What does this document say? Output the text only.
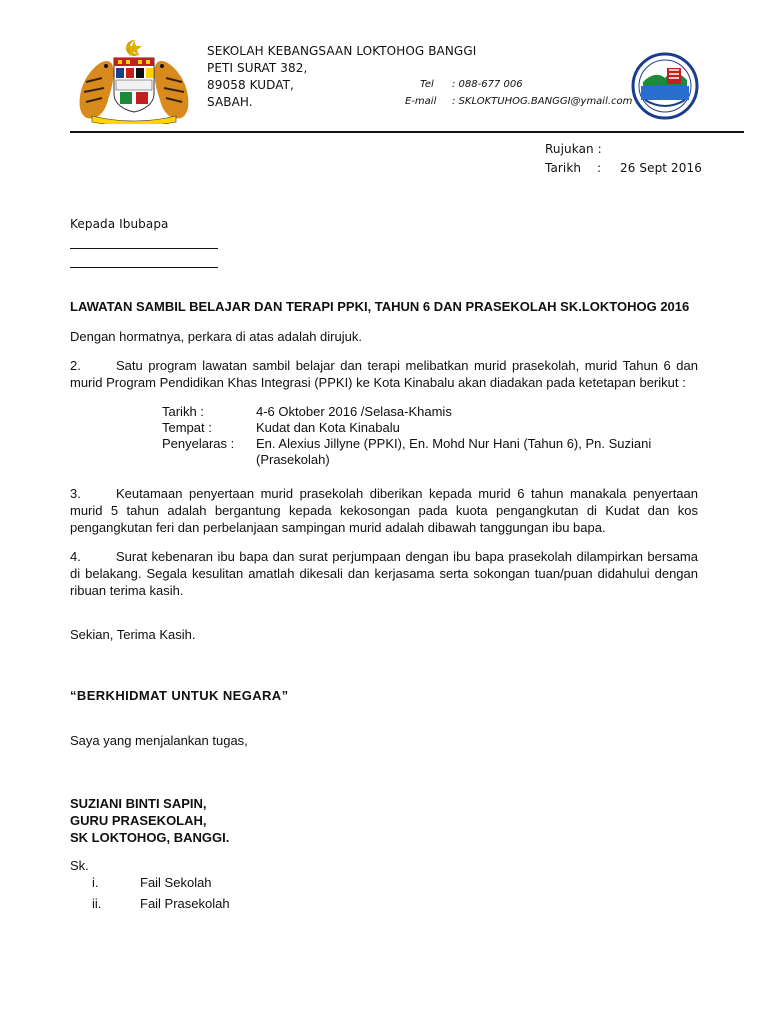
SEKOLAH KEBANGSAAN LOKTOHOG BANGGI
PETI SURAT 382,
89058 KUDAT,
SABAH.
Tel : 088-677 006
E-mail : SKLOKTUHOG.BANGGI@ymail.com
Rujukan :
Tarikh : 26 Sept 2016
Kepada Ibubapa
LAWATAN SAMBIL BELAJAR DAN TERAPI PPKI, TAHUN 6 DAN PRASEKOLAH SK.LOKTOHOG 2016
Dengan hormatnya, perkara di atas adalah dirujuk.
2.	Satu program lawatan sambil belajar dan terapi melibatkan murid prasekolah, murid Tahun 6 dan murid Program Pendidikan Khas Integrasi (PPKI) ke Kota Kinabalu akan diadakan pada ketetapan berikut :
Tarikh :	4-6 Oktober 2016 /Selasa-Khamis
Tempat :	Kudat dan Kota Kinabalu
Penyelaras : En. Alexius Jillyne (PPKI), En. Mohd Nur Hani (Tahun 6), Pn. Suziani (Prasekolah)
3.	Keutamaan penyertaan murid prasekolah diberikan kepada murid 6 tahun manakala penyertaan murid 5 tahun adalah bergantung kepada kekosongan pada kuota pengangkutan di Kudat dan kos pengangkutan feri dan perbelanjaan sampingan murid adalah dibawah tanggungan ibu bapa.
4.	Surat kebenaran ibu bapa dan surat perjumpaan dengan ibu bapa prasekolah dilampirkan bersama di belakang. Segala kesulitan amatlah dikesali dan kerjasama serta sokongan tuan/puan didahului dengan ribuan terima kasih.
Sekian, Terima Kasih.
“BERKHIDMAT UNTUK NEGARA”
Saya yang menjalankan tugas,
SUZIANI BINTI SAPIN,
GURU PRASEKOLAH,
SK LOKTOHOG, BANGGI.
Sk.
i.	Fail Sekolah
ii.	Fail Prasekolah
